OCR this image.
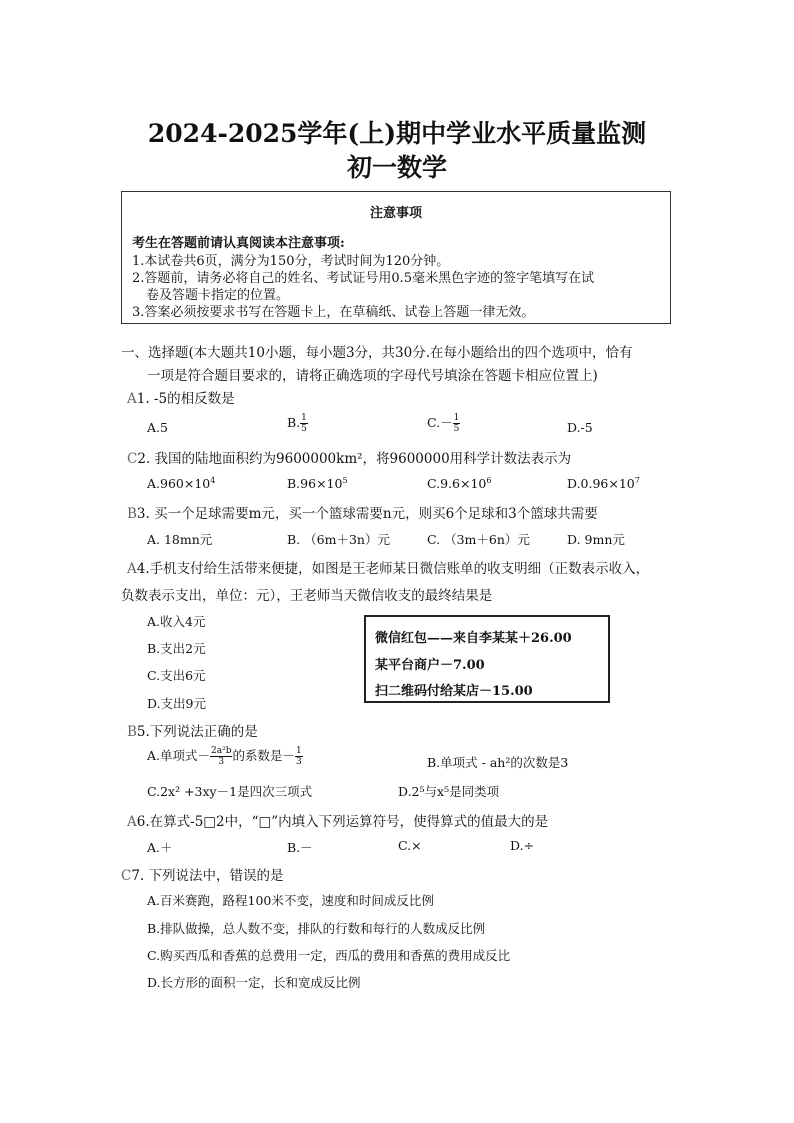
2024-2025学年(上)期中学业水平质量监测
初一数学
注意事项
考生在答题前请认真阅读本注意事项:
1.本试卷共6页，满分为150分，考试时间为120分钟。
2.答题前，请务必将自己的姓名、考试证号用0.5毫米黑色字迹的签字笔填写在试
卷及答题卡指定的位置。
3.答案必须按要求书写在答题卡上，在草稿纸、试卷上答题一律无效。
一、选择题(本大题共10小题，每小题3分，共30分.在每小题给出的四个选项中，恰有
一项是符合题目要求的，请将正确选项的字母代号填涂在答题卡相应位置上)
A1. -5的相反数是
A.5	B. $\frac{1}{5}$	$C.- \frac{1}{5}$	D.-5
C2. 我国的陆地面积约为9600000km²，将9600000用科学计数法表示为
$A.960\times 10^4$	$B.96\times 10^5$	$C.9.6\times 10^6$	$D.0.96\times 10^7$
B3. 买一个足球需要m元，买一个篮球需要n元，则买6个足球和3个篮球共需要
A. 18mn元	B. （6m＋3n）元	C. （3m＋6n）元	D. 9mn元
A4.手机支付给生活带来便捷，如图是王老师某日微信账单的收支明细（正数表示收入，
负数表示支出，单位：元），王老师当天微信收支的最终结果是
A.收入4元
B.支出2元
C.支出6元
D.支出9元
微信红包——来自李某某＋26.00
某平台商户－7.00
扫二维码付给某店－15.00
B5.下列说法正确的是
A.单项式－ $\frac{\text{2a²b}}{3}$ 的系数是－ $\frac{1}{3}$	B.单项式 - ah²的次数是3
C.2x² +3xy－1是四次三项式	D.2⁵与x⁵是同类项
A6.在算式-5□2中，“□”内填入下列运算符号，使得算式的值最大的是
A.＋	B.－	C.×	D.÷
C7. 下列说法中，错误的是
A.百米赛跑，路程100米不变，速度和时间成反比例
B.排队做操，总人数不变，排队的行数和每行的人数成反比例
C.购买西瓜和香蕉的总费用一定，西瓜的费用和香蕉的费用成反比
D.长方形的面积一定，长和宽成反比例
